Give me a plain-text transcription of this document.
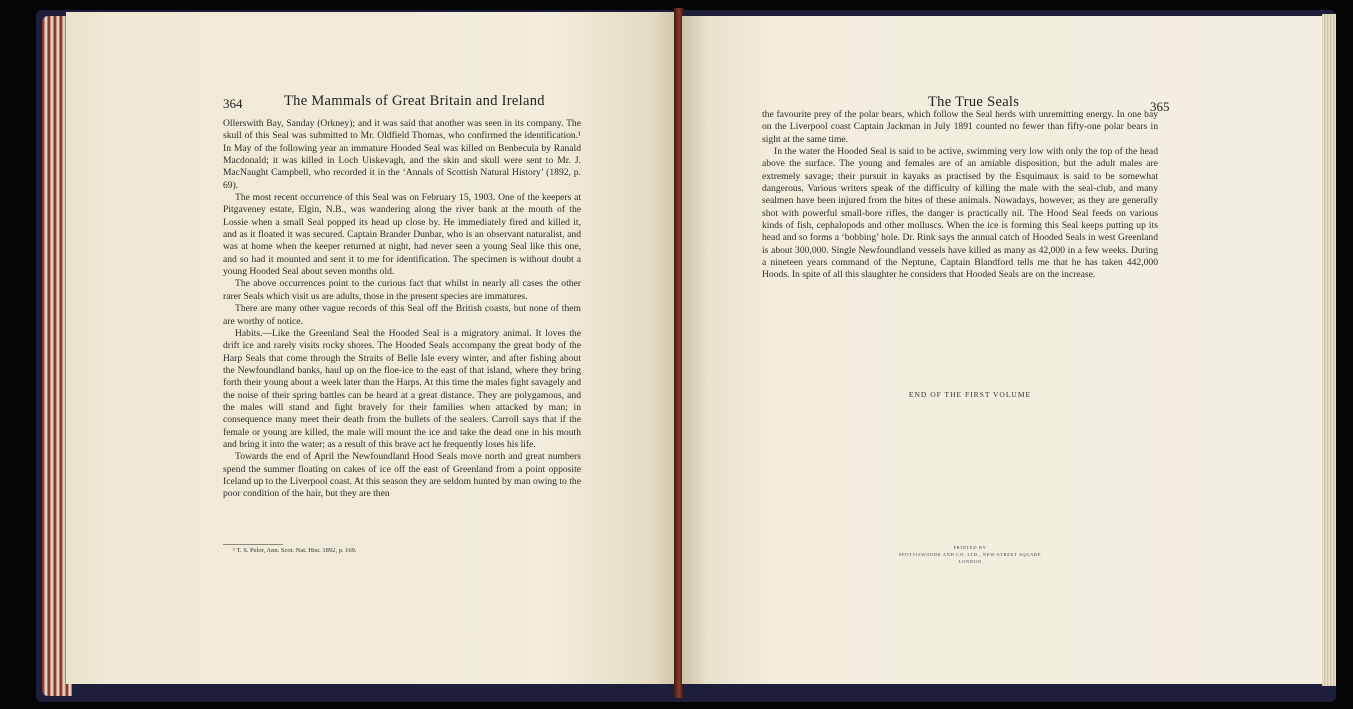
364	The Mammals of Great Britain and Ireland

Ollerswith Bay, Sanday (Orkney); and it was said that another was seen in its company. The skull of this Seal was submitted to Mr. Oldfield Thomas, who confirmed the identification.¹ In May of the following year an immature Hooded Seal was killed on Benbecula by Ranald Macdonald; it was killed in Loch Uiskevagh, and the skin and skull were sent to Mr. J. MacNaught Campbell, who recorded it in the ‘Annals of Scottish Natural History’ (1892, p. 69).

The most recent occurrence of this Seal was on February 15, 1903. One of the keepers at Pitgaveney estate, Elgin, N.B., was wandering along the river bank at the mouth of the Lossie when a small Seal popped its head up close by. He immediately fired and killed it, and as it floated it was secured. Captain Brander Dunbar, who is an observant naturalist, and was at home when the keeper returned at night, had never seen a young Seal like this one, and so had it mounted and sent it to me for identification. The specimen is without doubt a young Hooded Seal about seven months old.

The above occurrences point to the curious fact that whilst in nearly all cases the other rarer Seals which visit us are adults, those in the present species are immatures.

There are many other vague records of this Seal off the British coasts, but none of them are worthy of notice.

Habits.—Like the Greenland Seal the Hooded Seal is a migratory animal. It loves the drift ice and rarely visits rocky shores. The Hooded Seals accompany the great body of the Harp Seals that come through the Straits of Belle Isle every winter, and after fishing about the Newfoundland banks, haul up on the floe-ice to the east of that island, where they bring forth their young about a week later than the Harps. At this time the males fight savagely and the noise of their spring battles can be heard at a great distance. They are polygamous, and the males will stand and fight bravely for their families when attacked by man; in consequence many meet their death from the bullets of the sealers. Carroll says that if the female or young are killed, the male will mount the ice and take the dead one in his mouth and bring it into the water; as a result of this brave act he frequently loses his life.

Towards the end of April the Newfoundland Hood Seals move north and great numbers spend the summer floating on cakes of ice off the east of Greenland from a point opposite Iceland up to the Liverpool coast. At this season they are seldom hunted by man owing to the poor condition of the hair, but they are then

¹ T. S. Pelor, Ann. Scot. Nat. Hist. 1892, p. 169.
The True Seals	365

the favourite prey of the polar bears, which follow the Seal herds with unremitting energy. In one bay on the Liverpool coast Captain Jackman in July 1891 counted no fewer than fifty-one polar bears in sight at the same time.

In the water the Hooded Seal is said to be active, swimming very low with only the top of the head above the surface. The young and females are of an amiable disposition, but the adult males are extremely savage; their pursuit in kayaks as practised by the Esquimaux is said to be somewhat dangerous. Various writers speak of the difficulty of killing the male with the seal-club, and many sealmen have been injured from the bites of these animals. Nowadays, however, as they are generally shot with powerful small-bore rifles, the danger is practically nil. The Hood Seal feeds on various kinds of fish, cephalopods and other molluscs. When the ice is forming this Seal keeps putting up its head and so forms a ‘bobbing’ hole. Dr. Rink says the annual catch of Hooded Seals in west Greenland is about 300,000. Single Newfoundland vessels have killed as many as 42,000 in a few weeks. During a nineteen years command of the Neptune, Captain Blandford tells me that he has taken 442,000 Hoods. In spite of all this slaughter he considers that Hooded Seals are on the increase.

END OF THE FIRST VOLUME
PRINTED BY
SPOTTISWOODE AND CO. LTD., NEW-STREET SQUARE
LONDON
